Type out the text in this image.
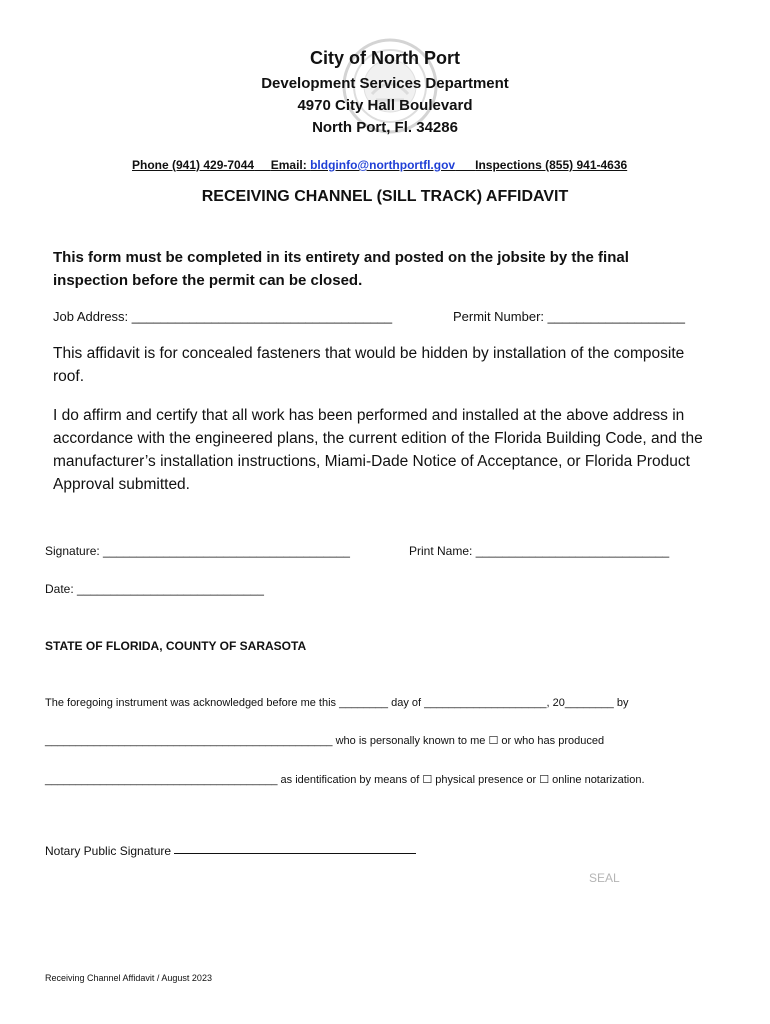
City of North Port
Development Services Department
4970 City Hall Boulevard
North Port, Fl. 34286
Phone (941) 429-7044 Email: bldginfo@northportfl.gov Inspections (855) 941-4636
RECEIVING CHANNEL (SILL TRACK) AFFIDAVIT
This form must be completed in its entirety and posted on the jobsite by the final inspection before the permit can be closed.
Job Address: ____________________________________	Permit Number: ___________________
This affidavit is for concealed fasteners that would be hidden by installation of the composite roof.
I do affirm and certify that all work has been performed and installed at the above address in accordance with the engineered plans, the current edition of the Florida Building Code, and the manufacturer’s installation instructions, Miami-Dade Notice of Acceptance, or Florida Product Approval submitted.
Signature: _____________________________________	Print Name: _____________________________
Date: ____________________________
STATE OF FLORIDA, COUNTY OF SARASOTA
The foregoing instrument was acknowledged before me this ________ day of ____________________, 20________ by
_______________________________________________ who is personally known to me ☐ or who has produced
______________________________________ as identification by means of ☐ physical presence or ☐ online notarization.
Notary Public Signature
SEAL
Receiving Channel Affidavit / August 2023
